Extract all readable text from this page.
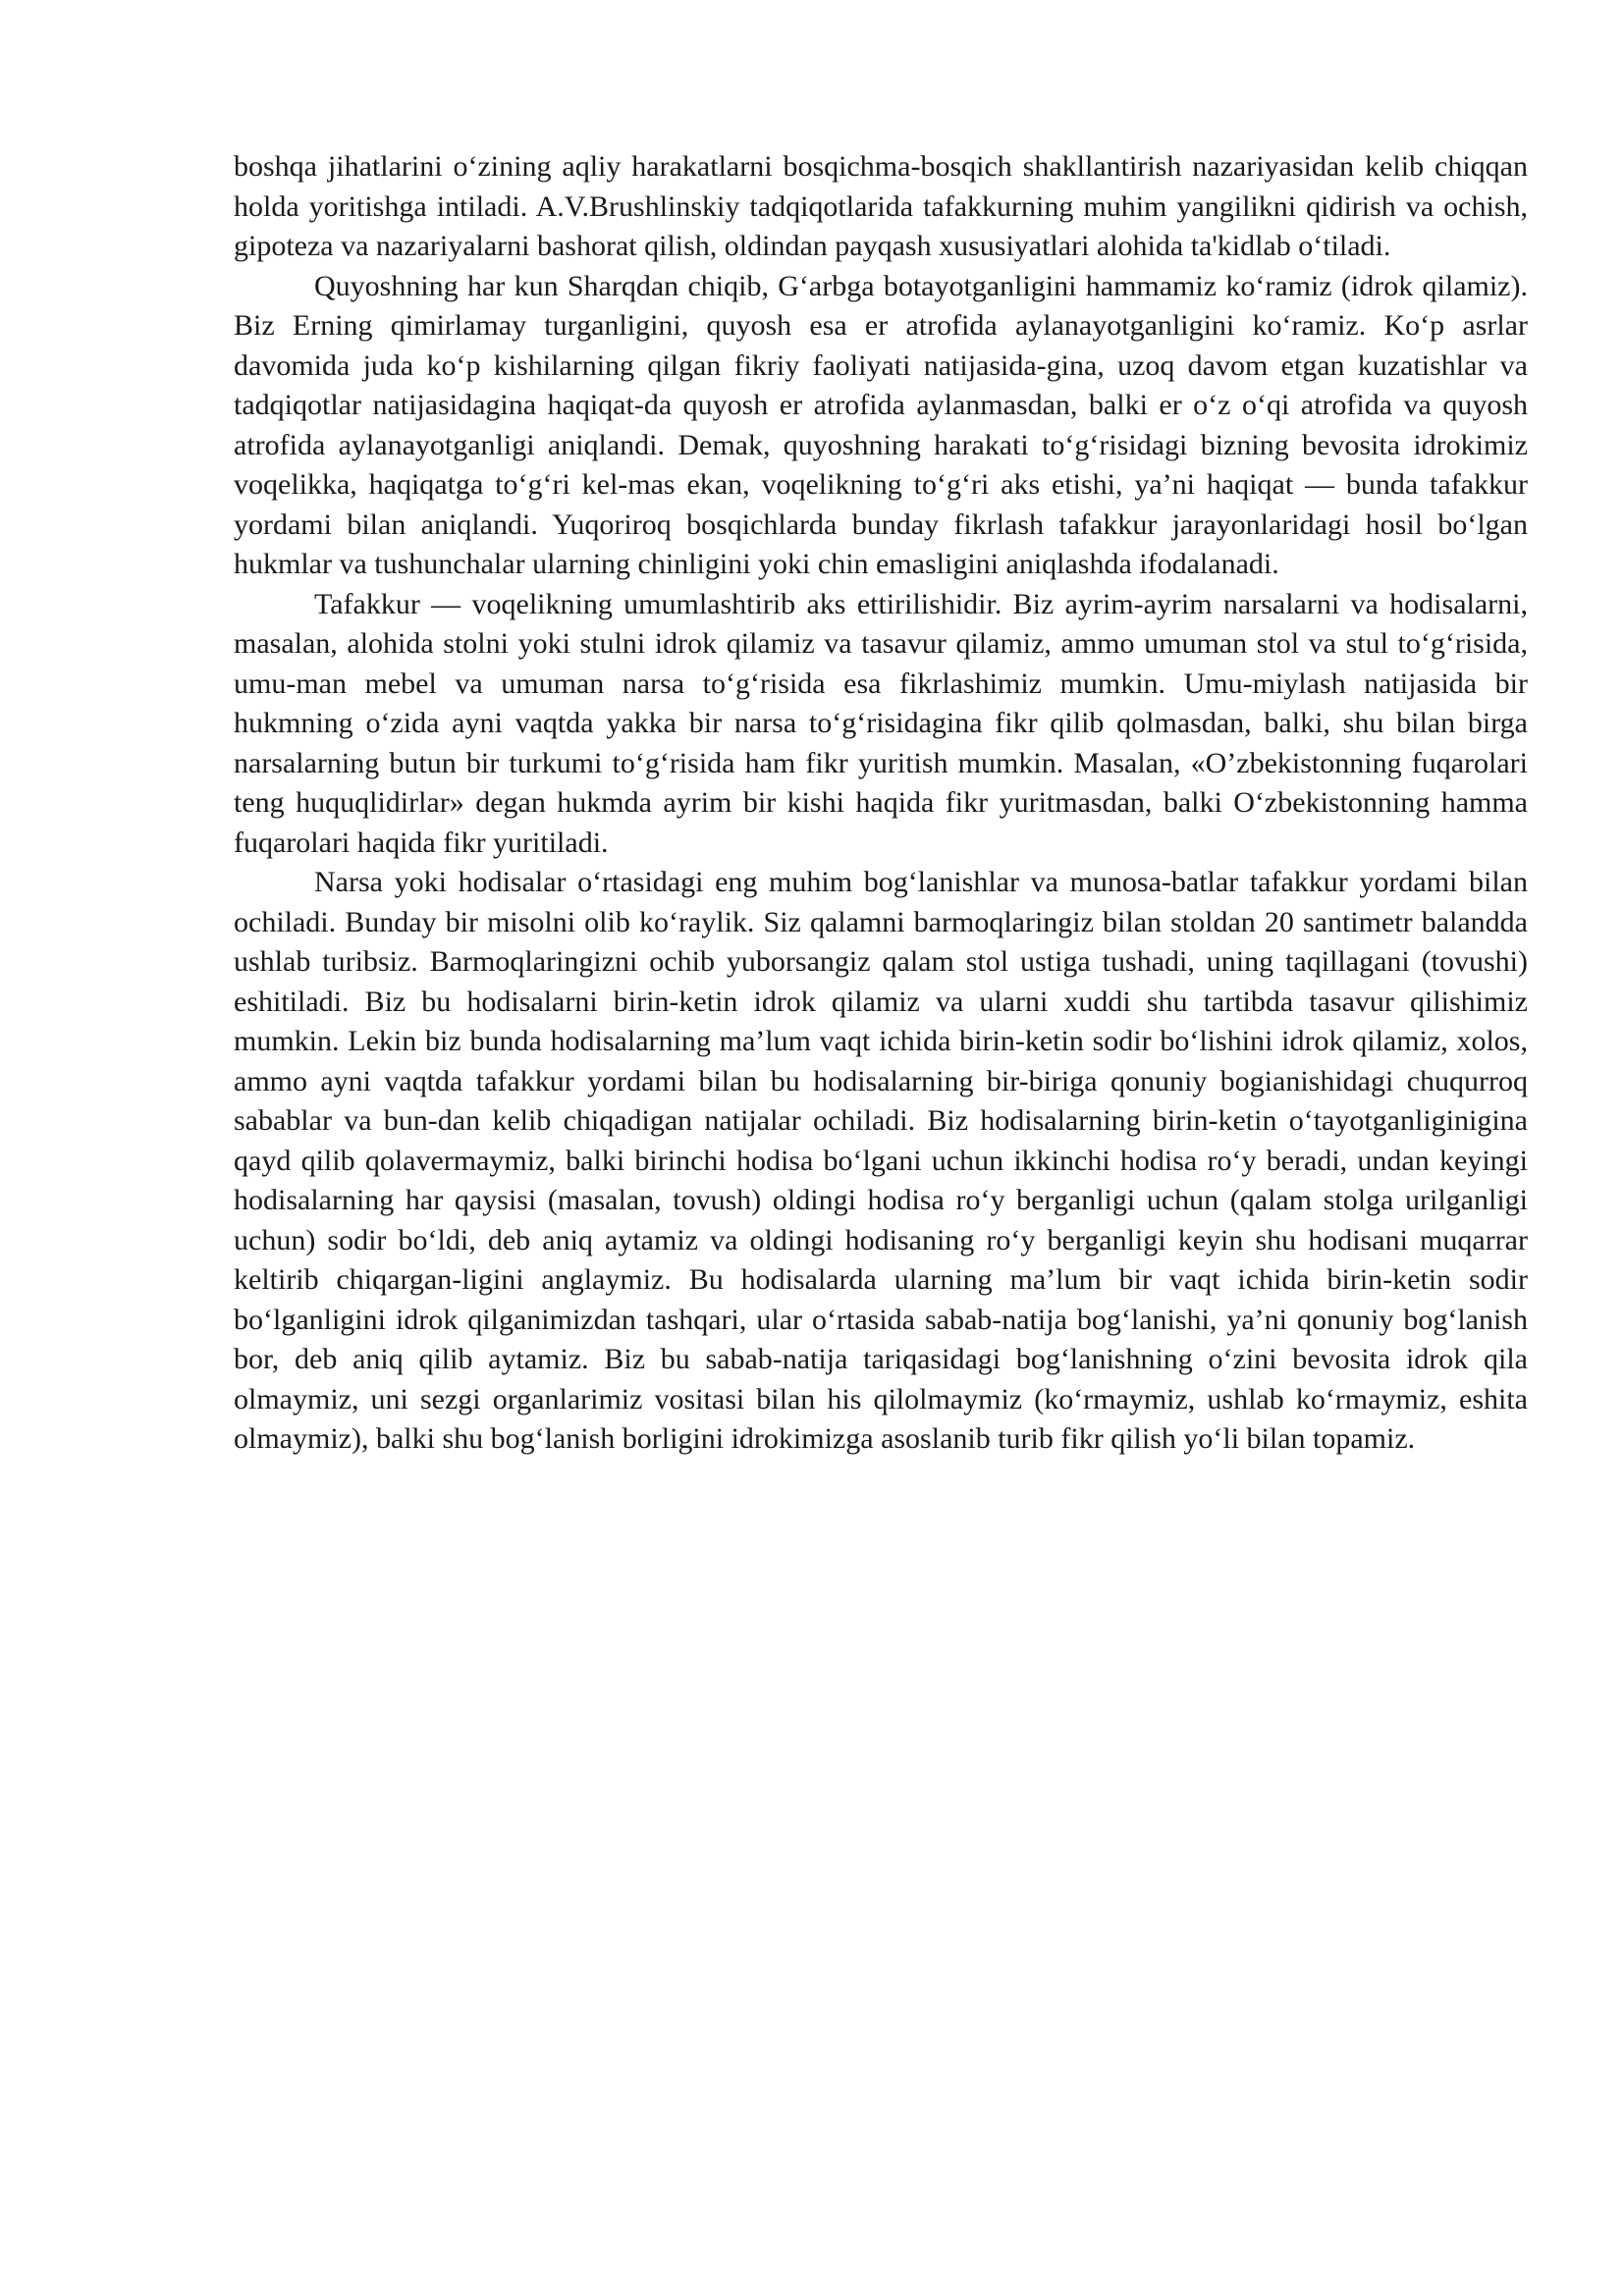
boshqa jihatlarini o‘zining aqliy harakatlarni bosqichma-bosqich shakllantirish nazariyasidan kelib chiqqan holda yoritishga intiladi. A.V.Brushlinskiy tadqiqotlarida tafakkurning muhim yangilikni qidirish va ochish, gipoteza va nazariyalarni bashorat qilish, oldindan payqash xususiyatlari alohida ta'kidlab o‘tiladi.

Quyoshning har kun Sharqdan chiqib, G‘arbga botayotganligini hammamiz ko‘ramiz (idrok qilamiz). Biz Erning qimirlamay turganligini, quyosh esa er atrofida aylanayotganligini ko‘ramiz. Ko‘p asrlar davomida juda ko‘p kishilarning qilgan fikriy faoliyati natijasida-gina, uzoq davom etgan kuzatishlar va tadqiqotlar natijasidagina haqiqat-da quyosh er atrofida aylanmasdan, balki er o‘z o‘qi atrofida va quyosh atrofida aylanayotganligi aniqlandi. Demak, quyoshning harakati to‘g‘risidagi bizning bevosita idrokimiz voqelikka, haqiqatga to‘g‘ri kel-mas ekan, voqelikning to‘g‘ri aks etishi, ya’ni haqiqat — bunda tafakkur yordami bilan aniqlandi. Yuqoriroq bosqichlarda bunday fikrlash tafakkur jarayonlaridagi hosil bo‘lgan hukmlar va tushunchalar ularning chinligini yoki chin emasligini aniqlashda ifodalanadi.

Tafakkur — voqelikning umumlashtirib aks ettirilishidir. Biz ayrim-ayrim narsalarni va hodisalarni, masalan, alohida stolni yoki stulni idrok qilamiz va tasavur qilamiz, ammo umuman stol va stul to‘g‘risida, umu-man mebel va umuman narsa to‘g‘risida esa fikrlashimiz mumkin. Umu-miylash natijasida bir hukmning o‘zida ayni vaqtda yakka bir narsa to‘g‘risidagina fikr qilib qolmasdan, balki, shu bilan birga narsalarning butun bir turkumi to‘g‘risida ham fikr yuritish mumkin. Masalan, «O’zbekistonning fuqarolari teng huquqlidirlar» degan hukmda ayrim bir kishi haqida fikr yuritmasdan, balki O‘zbekistonning hamma fuqarolari haqida fikr yuritiladi.

Narsa yoki hodisalar o‘rtasidagi eng muhim bog‘lanishlar va munosa-batlar tafakkur yordami bilan ochiladi. Bunday bir misolni olib ko‘raylik. Siz qalamni barmoqlaringiz bilan stoldan 20 santimetr balandda ushlab turibsiz. Barmoqlaringizni ochib yuborsangiz qalam stol ustiga tushadi, uning taqillagani (tovushi) eshitiladi. Biz bu hodisalarni birin-ketin idrok qilamiz va ularni xuddi shu tartibda tasavur qilishimiz mumkin. Lekin biz bunda hodisalarning ma’lum vaqt ichida birin-ketin sodir bo‘lishini idrok qilamiz, xolos, ammo ayni vaqtda tafakkur yordami bilan bu hodisalarning bir-biriga qonuniy bogianishidagi chuqurroq sabablar va bun-dan kelib chiqadigan natijalar ochiladi. Biz hodisalarning birin-ketin o‘tayotganliginigina qayd qilib qolavermaymiz, balki birinchi hodisa bo‘lgani uchun ikkinchi hodisa ro‘y beradi, undan keyingi hodisalarning har qaysisi (masalan, tovush) oldingi hodisa ro‘y berganligi uchun (qalam stolga urilganligi uchun) sodir bo‘ldi, deb aniq aytamiz va oldingi hodisaning ro‘y berganligi keyin shu hodisani muqarrar keltirib chiqargan-ligini anglaymiz. Bu hodisalarda ularning ma’lum bir vaqt ichida birin-ketin sodir bo‘lganligini idrok qilganimizdan tashqari, ular o‘rtasida sabab-natija bog‘lanishi, ya’ni qonuniy bog‘lanish bor, deb aniq qilib aytamiz. Biz bu sabab-natija tariqasidagi bog‘lanishning o‘zini bevosita idrok qila olmaymiz, uni sezgi organlarimiz vositasi bilan his qilolmaymiz (ko‘rmaymiz, ushlab ko‘rmaymiz, eshita olmaymiz), balki shu bog‘lanish borligini idrokimizga asoslanib turib fikr qilish yo‘li bilan topamiz.
